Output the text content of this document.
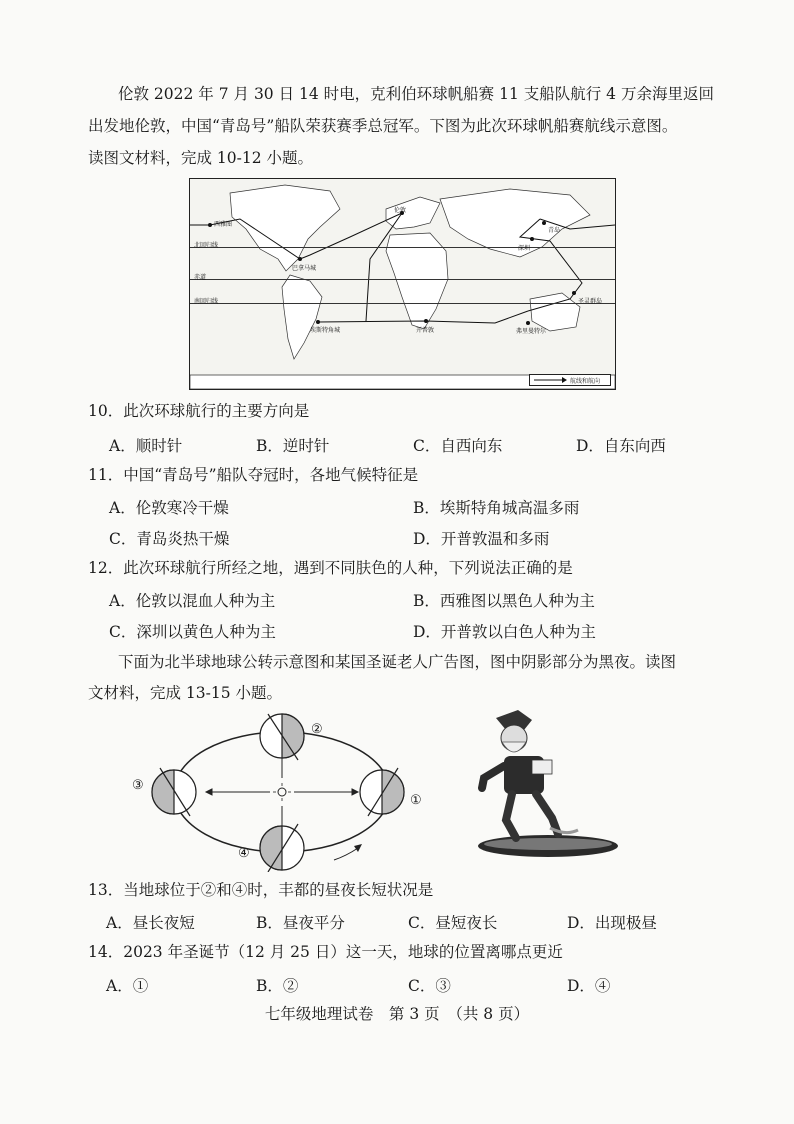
伦敦 2022 年 7 月 30 日 14 时电，克利伯环球帆船赛 11 支船队航行 4 万余海里返回
出发地伦敦，中国“青岛号”船队荣获赛季总冠军。下图为此次环球帆船赛航线示意图。
读图文材料，完成 10-12 小题。
北回归线
赤道
南回归线
西雅图
巴拿马城
埃斯特角城	开普敦	弗里曼特尔
青岛
深圳
圣灵群岛
伦敦
航线和航向
10．此次环球航行的主要方向是
A．顺时针	B．逆时针	C．自西向东	D．自东向西
11．中国“青岛号”船队夺冠时，各地气候特征是
A．伦敦寒冷干燥	B．埃斯特角城高温多雨
C．青岛炎热干燥	D．开普敦温和多雨
12．此次环球航行所经之地，遇到不同肤色的人种，下列说法正确的是
A．伦敦以混血人种为主	B．西雅图以黑色人种为主
C．深圳以黄色人种为主	D．开普敦以白色人种为主
下面为北半球地球公转示意图和某国圣诞老人广告图，图中阴影部分为黑夜。读图
文材料，完成 13-15 小题。
②
①
③
④
13．当地球位于②和④时，丰都的昼夜长短状况是
A．昼长夜短	B．昼夜平分	C．昼短夜长	D．出现极昼
14．2023 年圣诞节（12 月 25 日）这一天，地球的位置离哪点更近
A．①	B．②	C．③	D．④
七年级地理试卷　第 3 页　（共 8 页）
